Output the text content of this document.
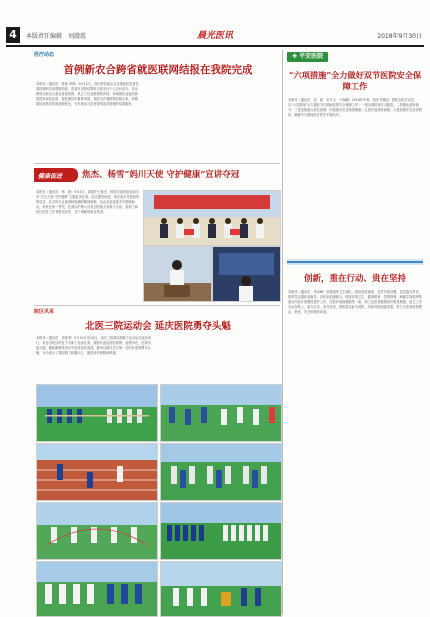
4	本版责任编辑　刘澈霞	晨光医讯	2018年9月30日
医疗动态
首例新农合跨省就医联网结报在我院完成
本报讯（通讯员　陈涛 李琦）9月12日，首位跨省新农合异地就医患者在我院顺利完成联网结报。患者在出院结算时只需支付个人自付部分，其余费用由新农合基金直接结算，免去了往返报销的奔波。异地就医直接结算是国家深化医改、便民惠民的重要举措，我院自开通联网结报以来，积极做好政策宣传和流程优化，为外地参合患者提供高效便捷的结算服务。
健康促进 焦杰、杨雪“妈川天使 守护健康”宣讲夺冠
本报讯（通讯员　杨　晨）9月4日，我院护士焦杰、杨雪代表医院参加全市“白衣天使 守护健康”主题宣讲比赛，经过激烈角逐，两位选手凭借真挚的讲述、扎实的专业素养和饱满的精神面貌，从众多参赛选手中脱颖而出，荣获比赛一等奖。比赛以护理人员身边的感人故事为主线，展现了新时代医务工作者救死扶伤、甘于奉献的职业风采。
院区风采
北医三院运动会 延庆医院勇夺头魁
本报讯（通讯员　李春秀）9月15日至16日，北医三院第四届职工运动会在延庆举行，来自各院区的近千名职工参加比赛。我院代表队团结拼搏、奋勇争先，在拔河、接力跑、趣味跳绳等项目中取得优异成绩，最终以团体总分第一名的好成绩勇夺头魁，充分展示了我院职工积极向上、团结协作的精神风貌。
✚ 平安医院
“六项措施”全力做好双节医院安全保障工作
本报讯（通讯员　刘　颖　宋作玉　于海鹏）2018年中秋、国庆节期间，我院全院总动员，以“六项措施”全力做好节日期间医院安全保障工作：一是全面排查安全隐患；二是强化值班值守；三是加强重点部位管理；四是做好应急物资储备；五是开展消防演练；六是加强安全宣传教育，确保节日期间医疗秩序平稳有序。
创新，重在行动、贵在坚持
本报讯（通讯员　李卓峰）创建国家卫生城区，我院高度重视，及早安排部署，层层落实责任。院领导定期检查督导，各科室积极配合，围绕环境卫生、健康教育、控烟管理、病媒生物防制等重点内容开展整改提升工作。医院环境面貌焕然一新，职工及患者健康意识明显增强。创卫工作永远在路上，重在行动、贵在坚持，我院将以此为契机，持续巩固创建成果，努力为患者营造整洁、舒适、安全的就医环境。
